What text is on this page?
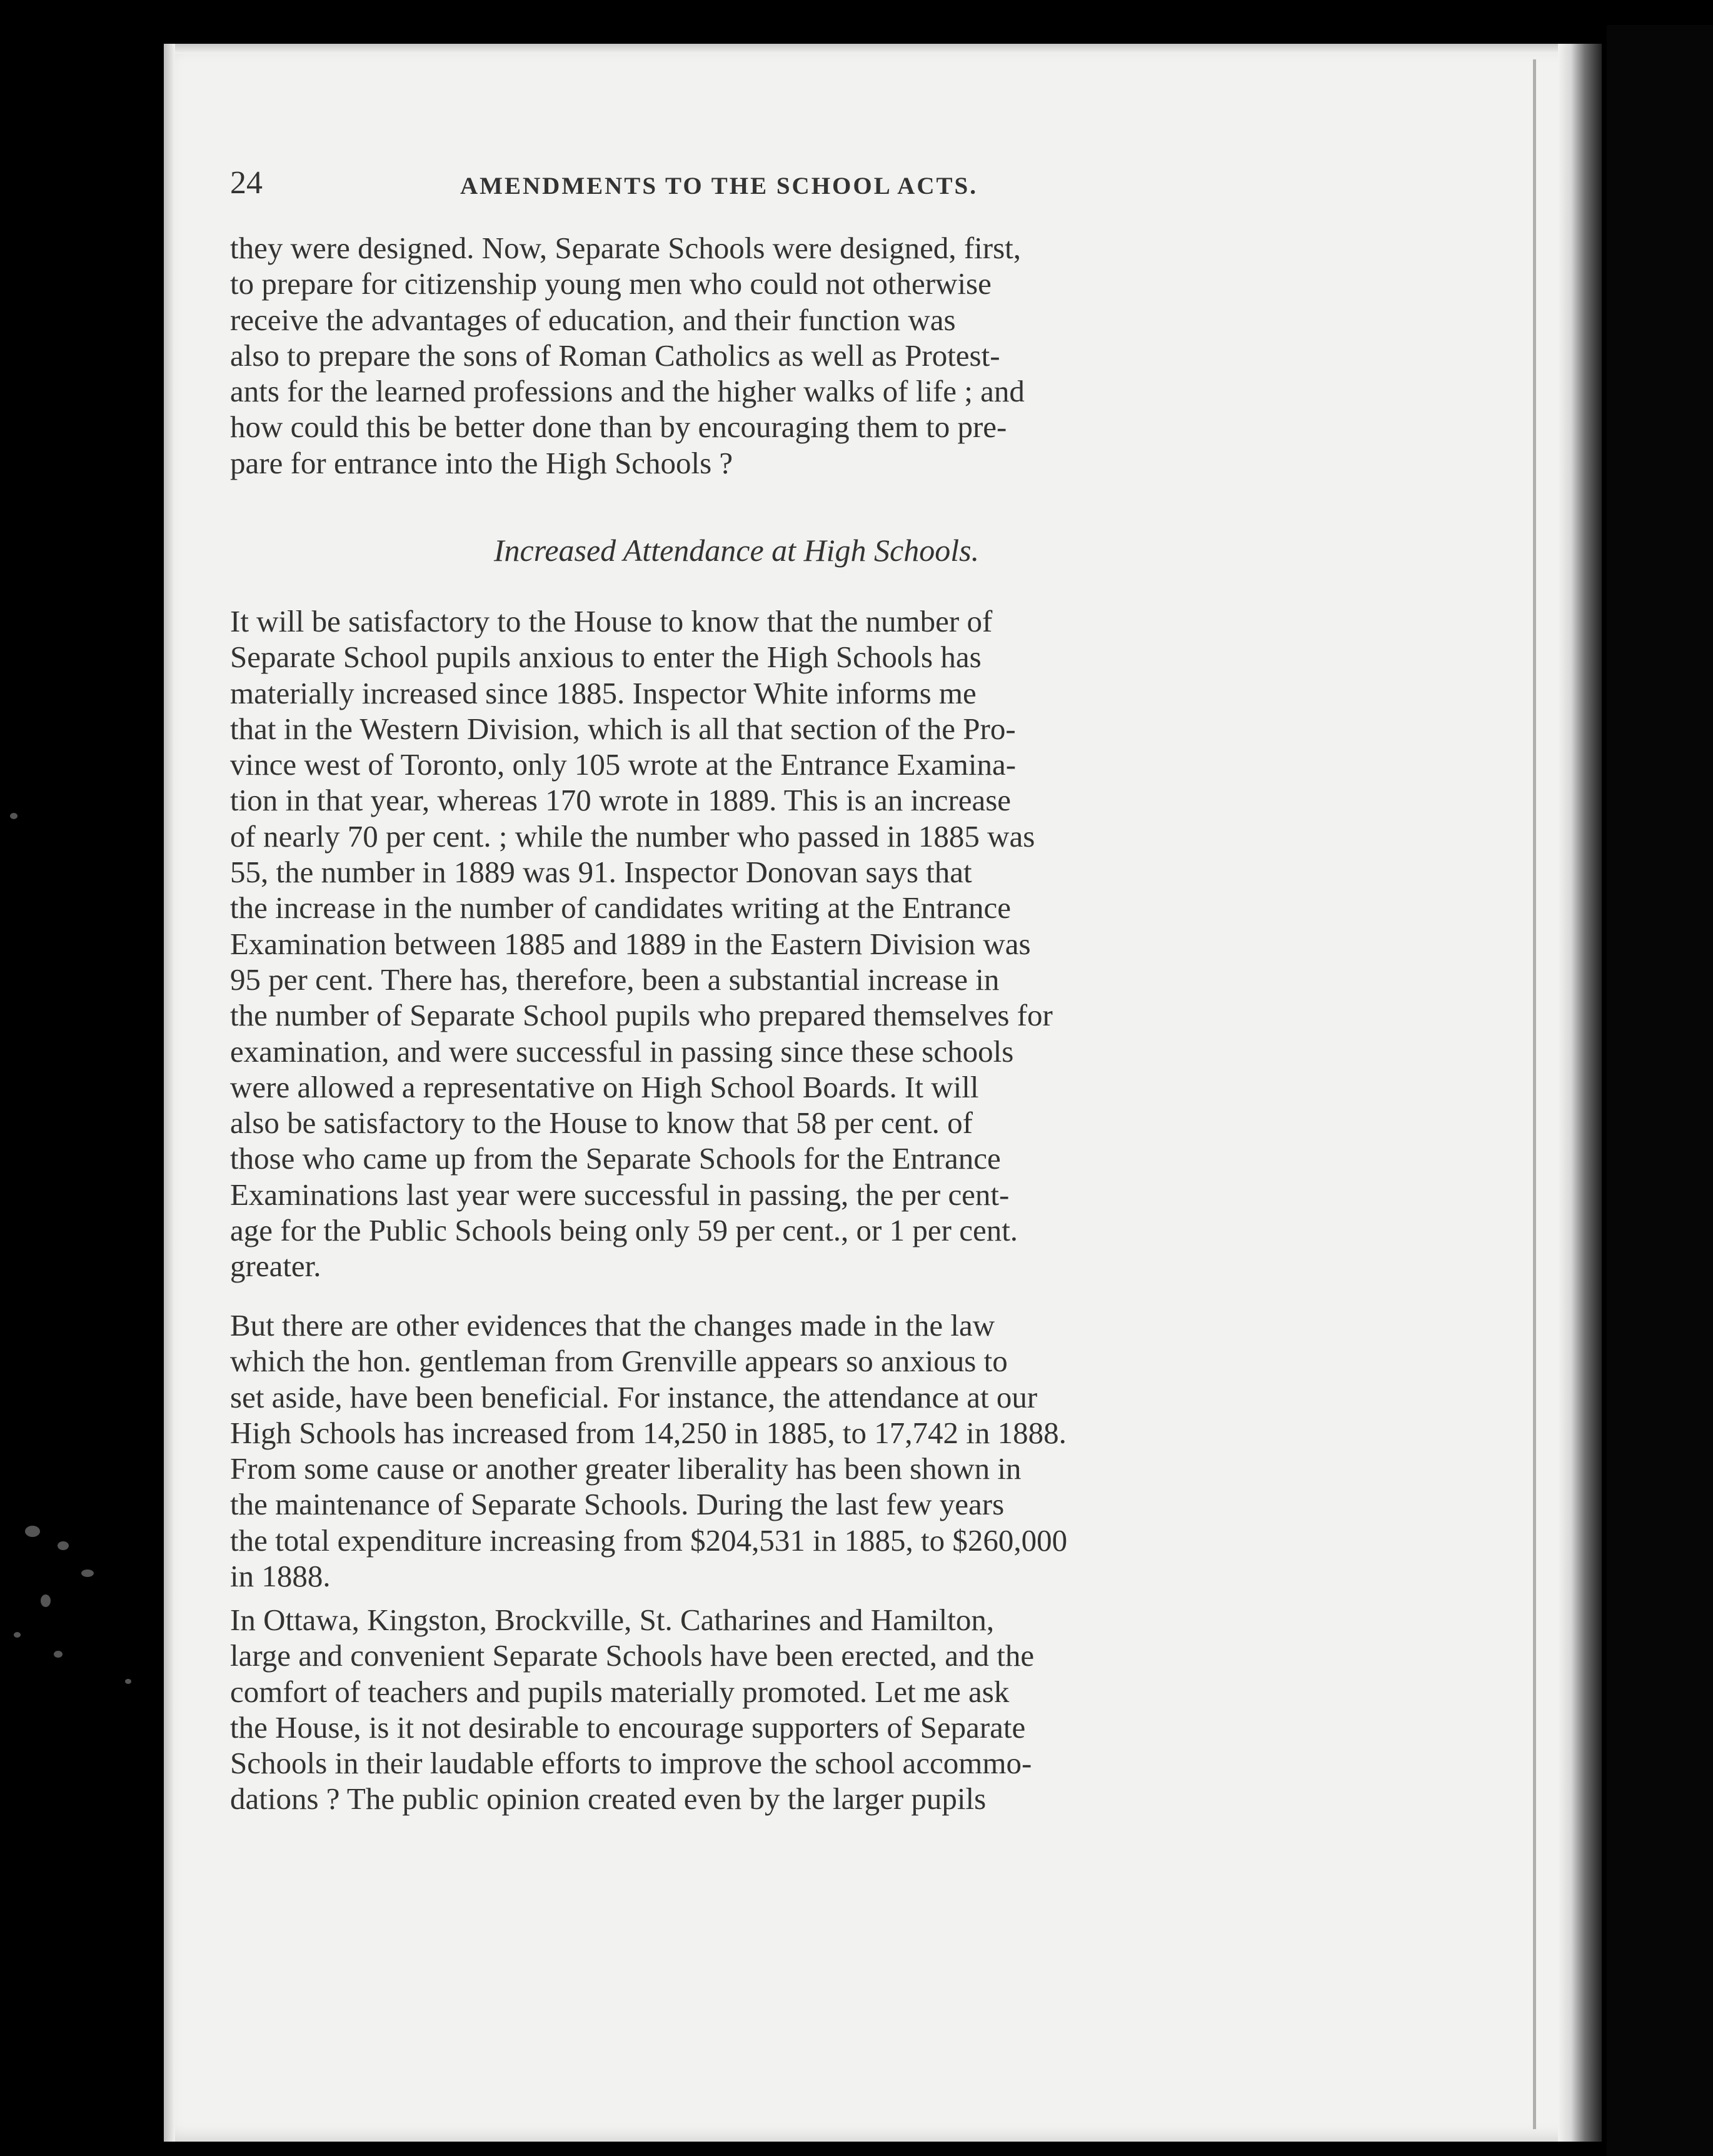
24	AMENDMENTS TO THE SCHOOL ACTS.
they were designed. Now, Separate Schools were designed, first,
to prepare for citizenship young men who could not otherwise
receive the advantages of education, and their function was
also to prepare the sons of Roman Catholics as well as Protest-
ants for the learned professions and the higher walks of life ; and
how could this be better done than by encouraging them to pre-
pare for entrance into the High Schools ?
Increased Attendance at High Schools.
It will be satisfactory to the House to know that the number of
Separate School pupils anxious to enter the High Schools has
materially increased since 1885. Inspector White informs me
that in the Western Division, which is all that section of the Pro-
vince west of Toronto, only 105 wrote at the Entrance Examina-
tion in that year, whereas 170 wrote in 1889. This is an increase
of nearly 70 per cent. ; while the number who passed in 1885 was
55, the number in 1889 was 91. Inspector Donovan says that
the increase in the number of candidates writing at the Entrance
Examination between 1885 and 1889 in the Eastern Division was
95 per cent. There has, therefore, been a substantial increase in
the number of Separate School pupils who prepared themselves for
examination, and were successful in passing since these schools
were allowed a representative on High School Boards. It will
also be satisfactory to the House to know that 58 per cent. of
those who came up from the Separate Schools for the Entrance
Examinations last year were successful in passing, the per cent-
age for the Public Schools being only 59 per cent., or 1 per cent.
greater.
But there are other evidences that the changes made in the law
which the hon. gentleman from Grenville appears so anxious to
set aside, have been beneficial. For instance, the attendance at our
High Schools has increased from 14,250 in 1885, to 17,742 in 1888.
From some cause or another greater liberality has been shown in
the maintenance of Separate Schools. During the last few years
the total expenditure increasing from $204,531 in 1885, to $260,000
in 1888.
In Ottawa, Kingston, Brockville, St. Catharines and Hamilton,
large and convenient Separate Schools have been erected, and the
comfort of teachers and pupils materially promoted. Let me ask
the House, is it not desirable to encourage supporters of Separate
Schools in their laudable efforts to improve the school accommo-
dations ? The public opinion created even by the larger pupils
